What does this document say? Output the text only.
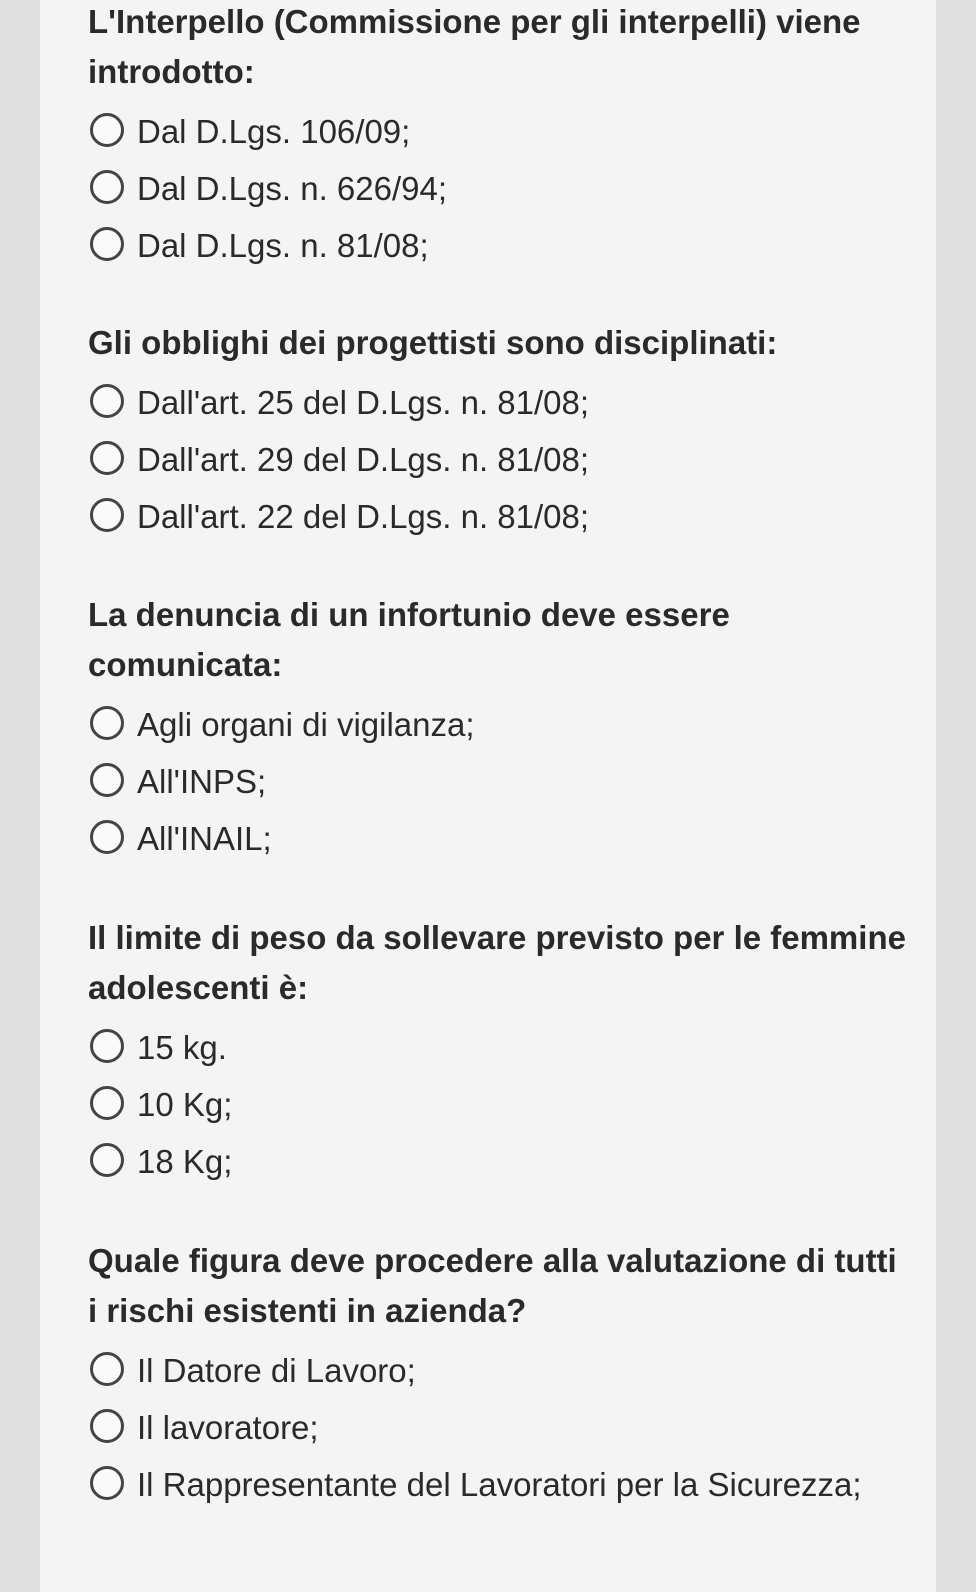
L'Interpello (Commissione per gli interpelli) viene introdotto:

Dal D.Lgs. 106/09;
Dal D.Lgs. n. 626/94;
Dal D.Lgs. n. 81/08;

Gli obblighi dei progettisti sono disciplinati:

Dall'art. 25 del D.Lgs. n. 81/08;
Dall'art. 29 del D.Lgs. n. 81/08;
Dall'art. 22 del D.Lgs. n. 81/08;

La denuncia di un infortunio deve essere comunicata:

Agli organi di vigilanza;
All'INPS;
All'INAIL;

Il limite di peso da sollevare previsto per le femmine adolescenti è:

15 kg.
10 Kg;
18 Kg;

Quale figura deve procedere alla valutazione di tutti i rischi esistenti in azienda?

Il Datore di Lavoro;
Il lavoratore;
Il Rappresentante del Lavoratori per la Sicurezza;
